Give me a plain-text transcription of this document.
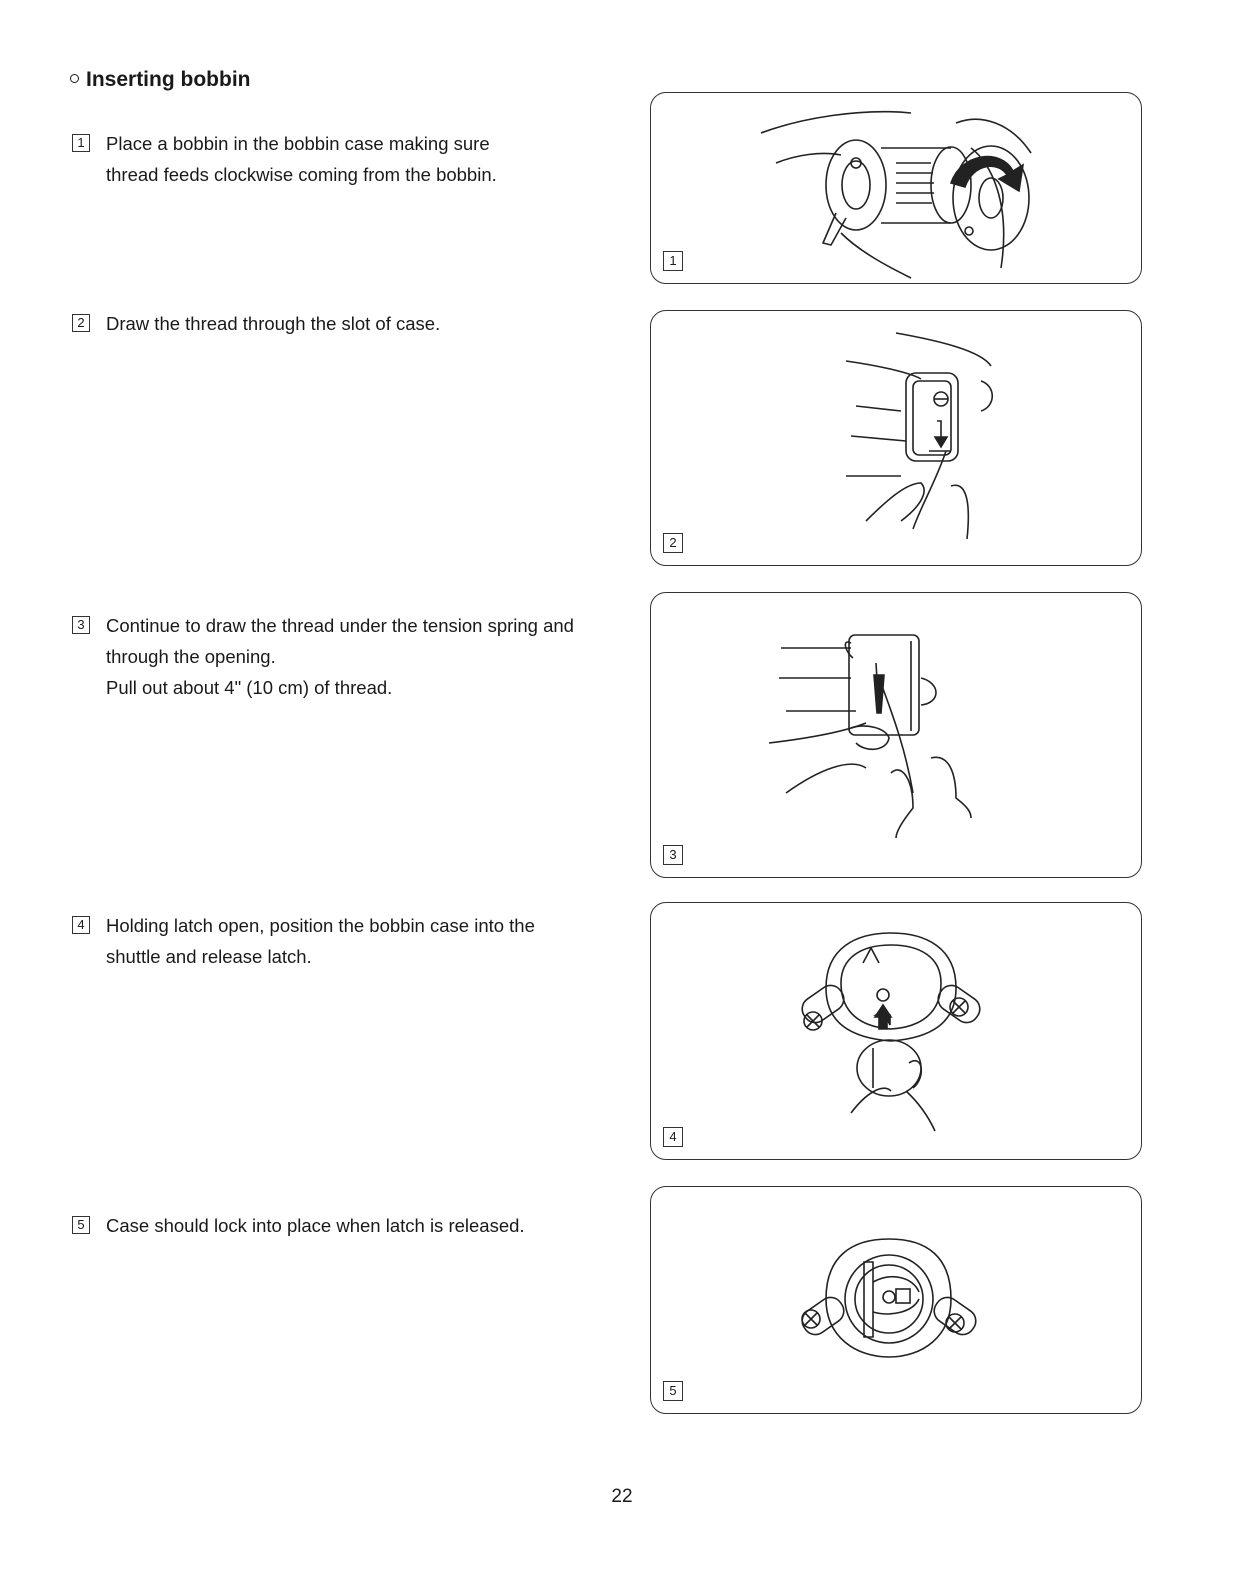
Inserting bobbin
1 Place a bobbin in the bobbin case making sure
thread feeds clockwise coming from the bobbin.
2 Draw the thread through the slot of case.
3 Continue to draw the thread under the tension spring and
through the opening.
Pull out about 4" (10 cm) of thread.
4 Holding latch open, position the bobbin case into the
shuttle and release latch.
5 Case should lock into place when latch is released.
1
2
3
4
5
22
